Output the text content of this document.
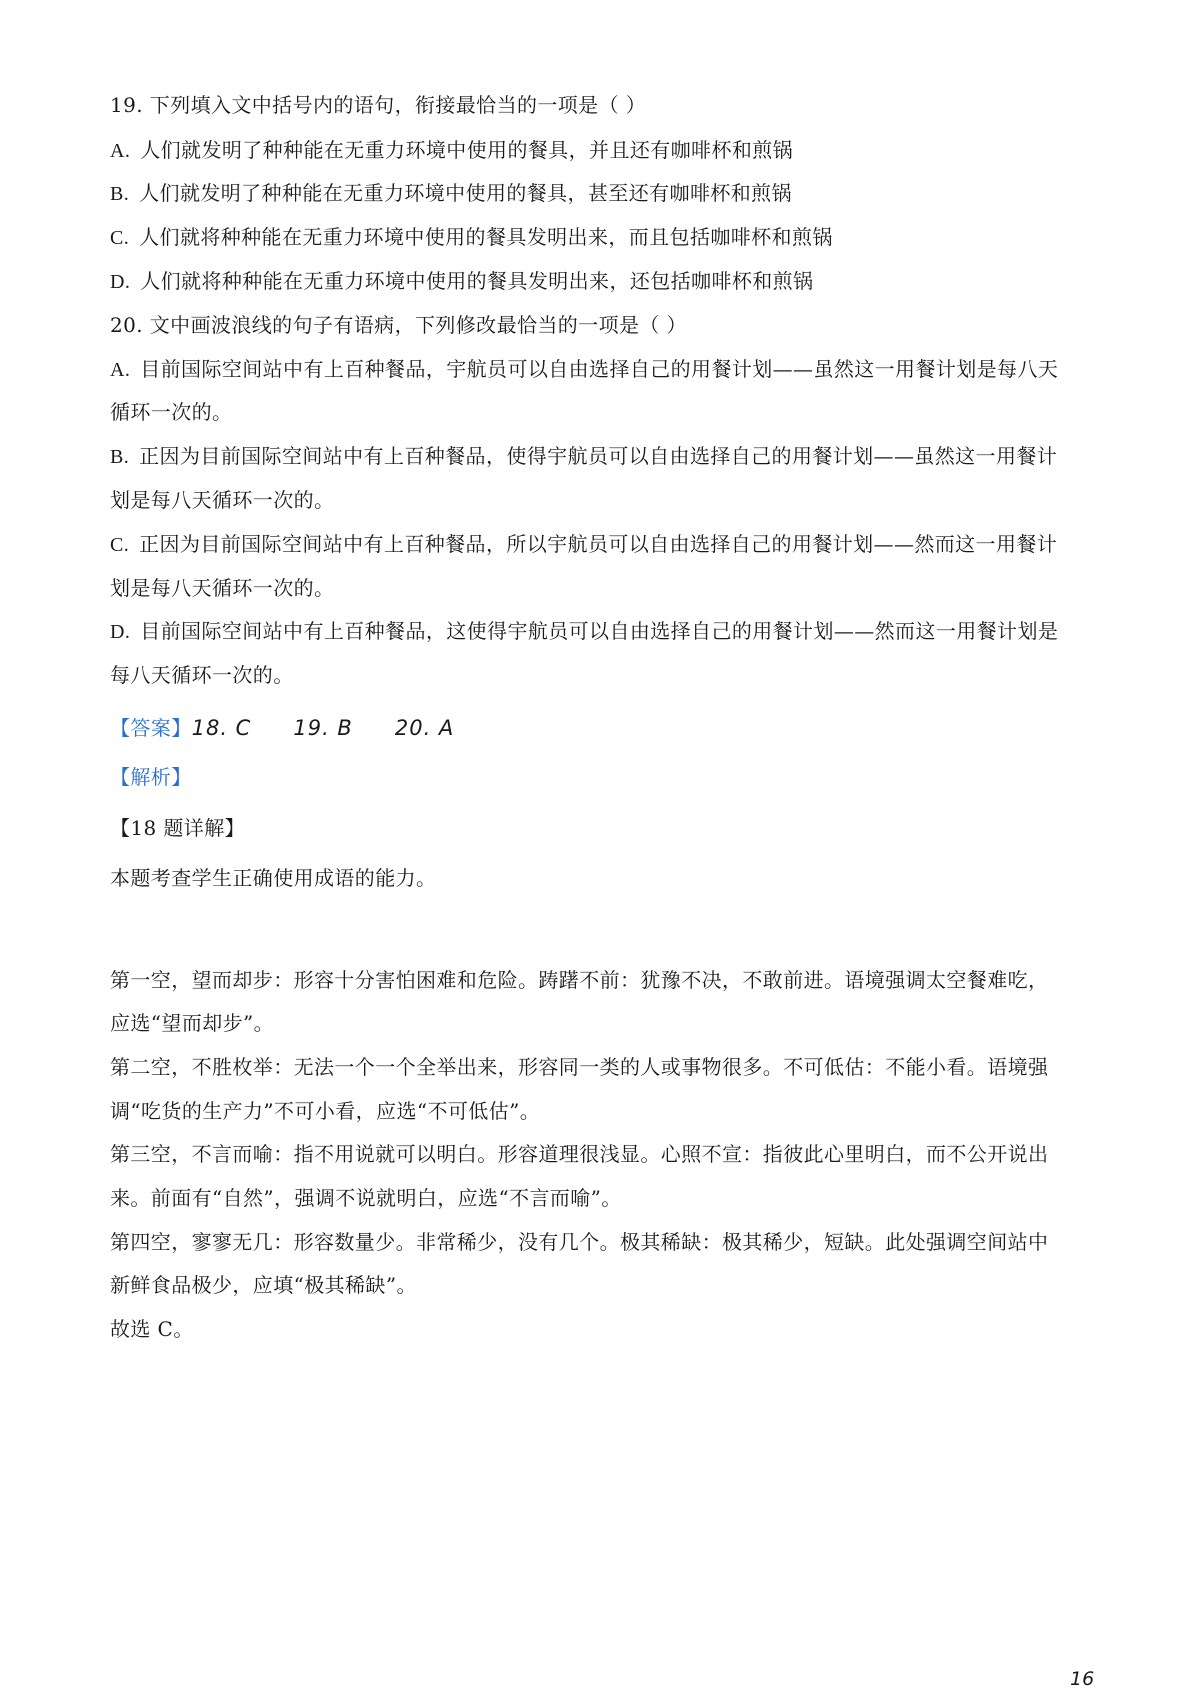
19. 下列填入文中括号内的语句，衔接最恰当的一项是（ ）
A. 人们就发明了种种能在无重力环境中使用的餐具，并且还有咖啡杯和煎锅
B. 人们就发明了种种能在无重力环境中使用的餐具，甚至还有咖啡杯和煎锅
C. 人们就将种种能在无重力环境中使用的餐具发明出来，而且包括咖啡杯和煎锅
D. 人们就将种种能在无重力环境中使用的餐具发明出来，还包括咖啡杯和煎锅
20. 文中画波浪线的句子有语病，下列修改最恰当的一项是（ ）
A. 目前国际空间站中有上百种餐品，宇航员可以自由选择自己的用餐计划——虽然这一用餐计划是每八天
循环一次的。
B. 正因为目前国际空间站中有上百种餐品，使得宇航员可以自由选择自己的用餐计划——虽然这一用餐计
划是每八天循环一次的。
C. 正因为目前国际空间站中有上百种餐品，所以宇航员可以自由选择自己的用餐计划——然而这一用餐计
划是每八天循环一次的。
D. 目前国际空间站中有上百种餐品，这使得宇航员可以自由选择自己的用餐计划——然而这一用餐计划是
每八天循环一次的。
【答案】18. C 19. B 20. A
【解析】
【18 题详解】
本题考查学生正确使用成语的能力。
第一空，望而却步：形容十分害怕困难和危险。踌躇不前：犹豫不决，不敢前进。语境强调太空餐难吃，
应选“望而却步”。
第二空，不胜枚举：无法一个一个全举出来，形容同一类的人或事物很多。不可低估：不能小看。语境强
调“吃货的生产力”不可小看，应选“不可低估”。
第三空，不言而喻：指不用说就可以明白。形容道理很浅显。心照不宣：指彼此心里明白，而不公开说出
来。前面有“自然”，强调不说就明白，应选“不言而喻”。
第四空，寥寥无几：形容数量少。非常稀少，没有几个。极其稀缺：极其稀少，短缺。此处强调空间站中
新鲜食品极少，应填“极其稀缺”。
故选 C。
16
